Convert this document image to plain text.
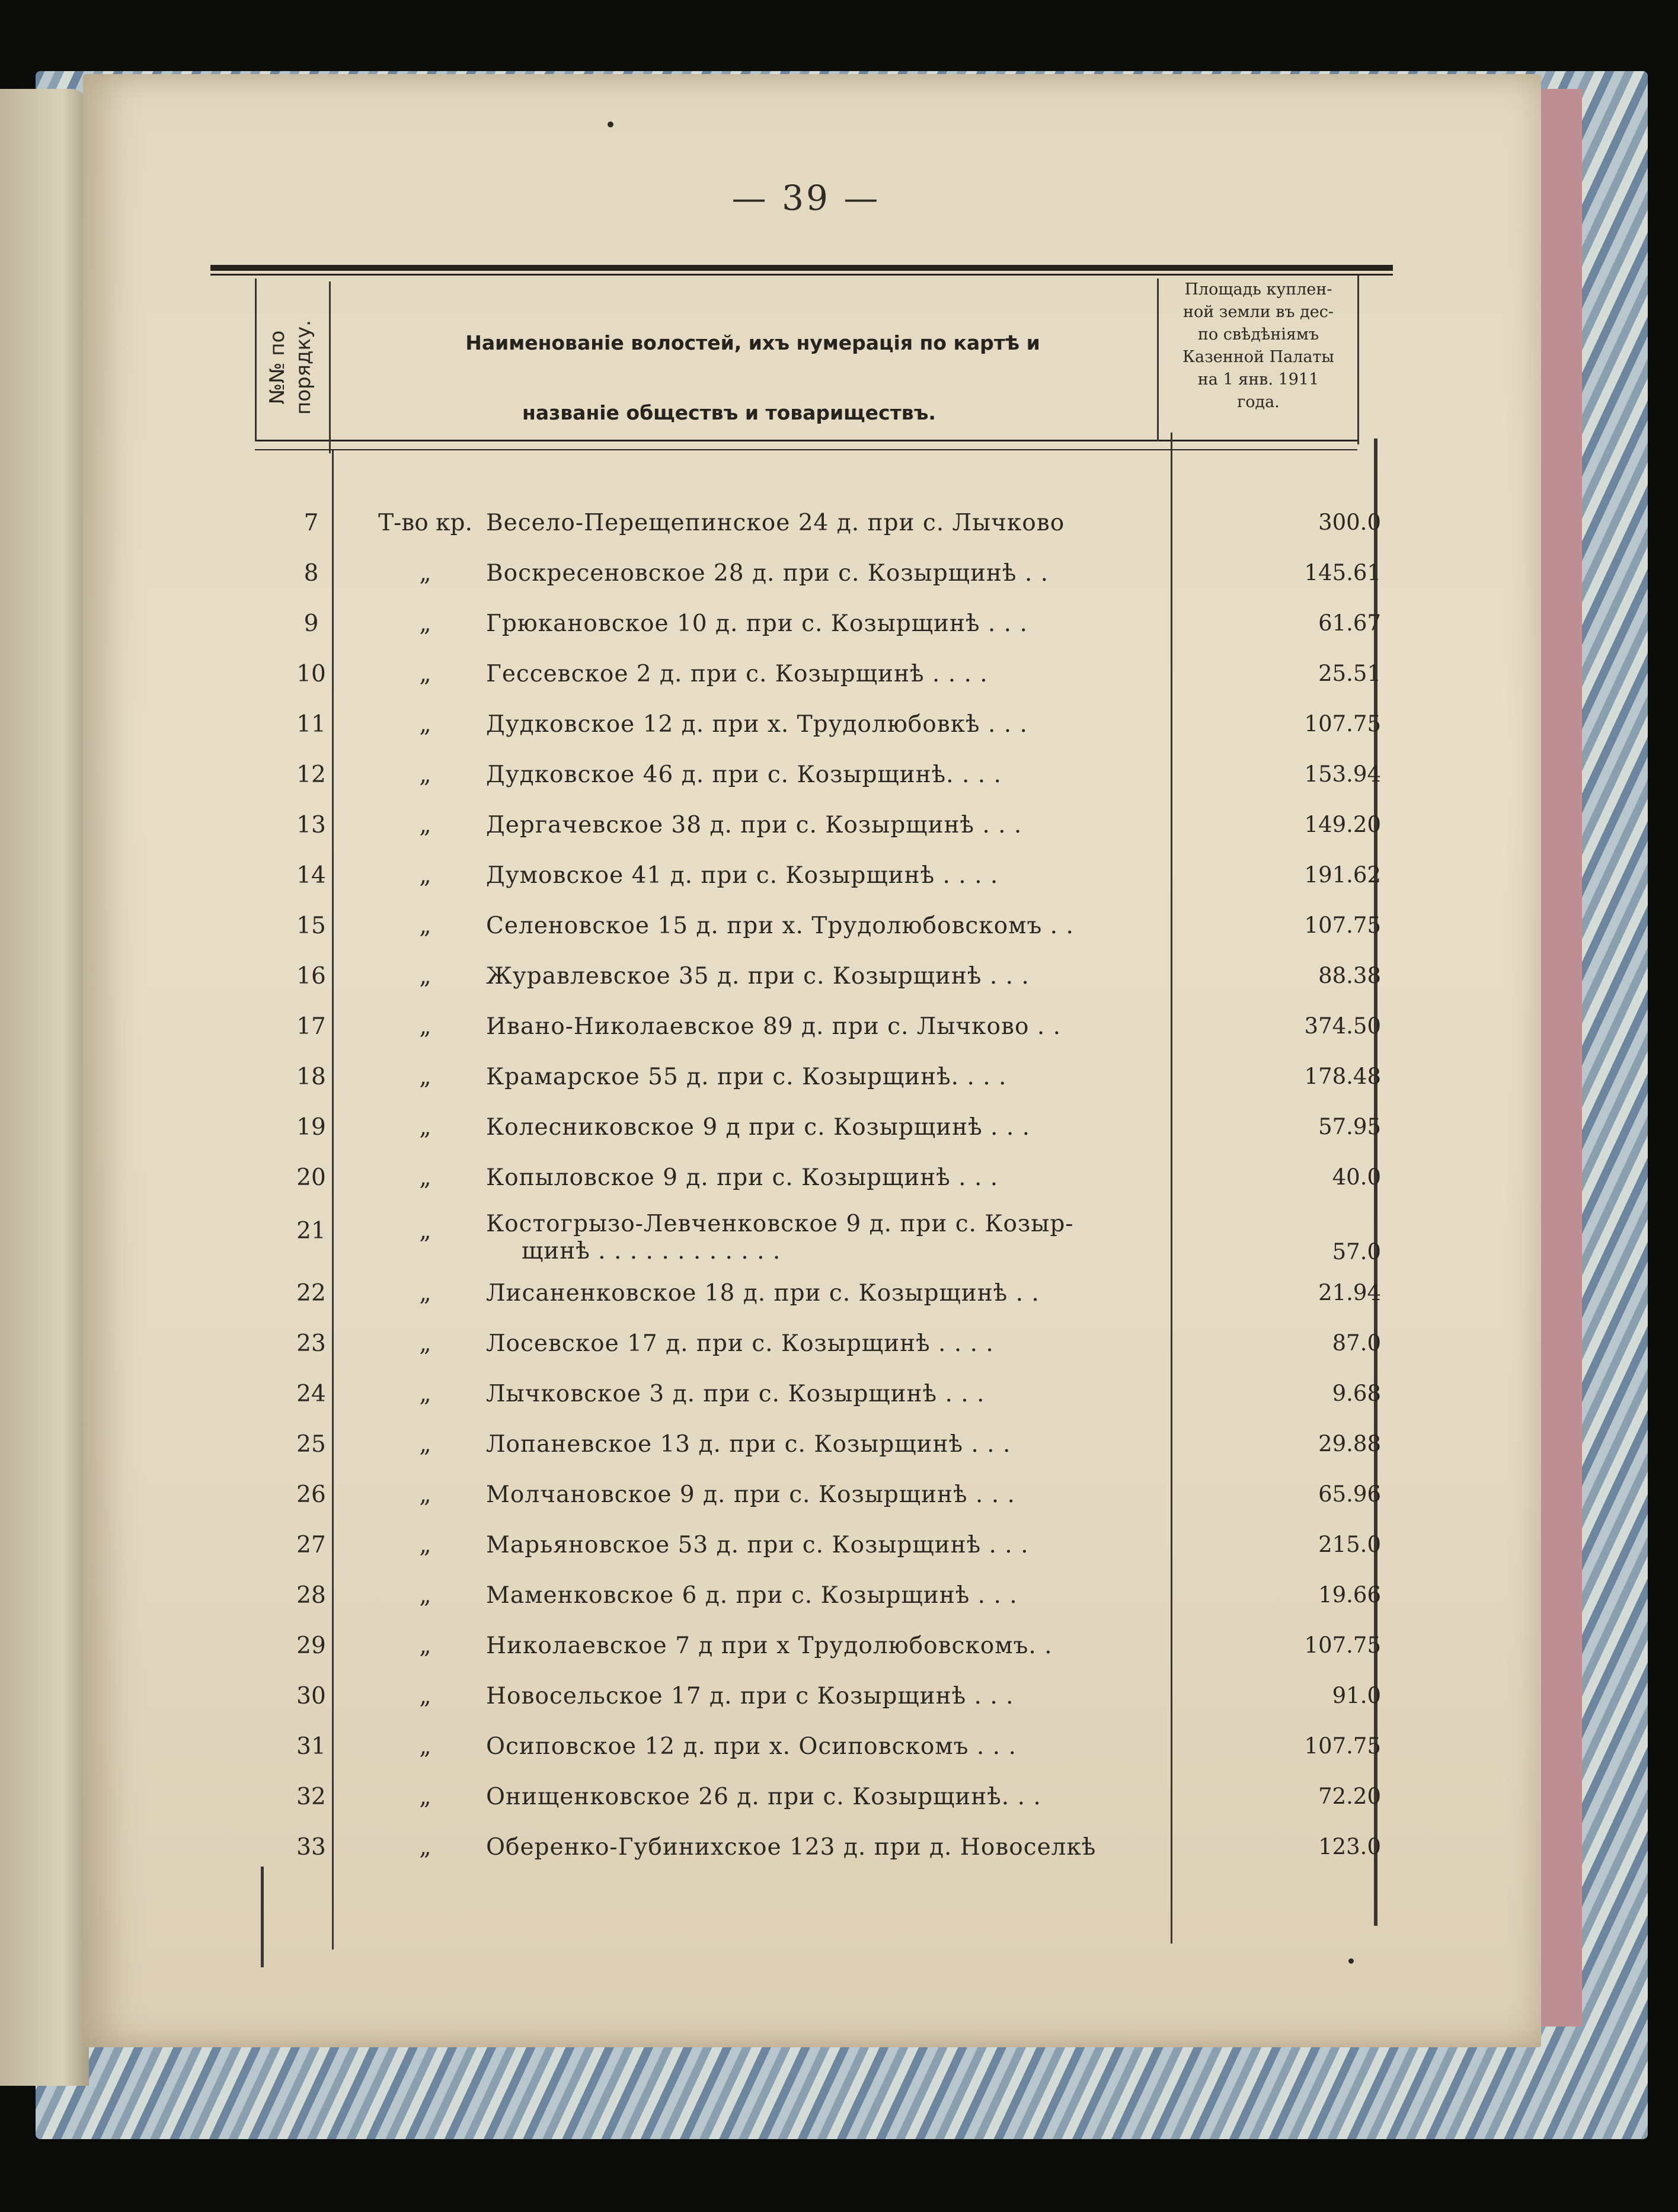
— 39 —
№№ по
порядку.	Наименованіе волостей, ихъ нумерація по картѣ и
названіе обществъ и товариществъ.
Площадь куплен-
ной земли въ дес-
по свѣдѣніямъ
Казенной Палаты
на 1 янв. 1911
года.
7	Т-во кр. Весело-Перещепинское 24 д. при с. Лычково	300.0
8	„	Воскресеновское 28 д. при с. Козырщинѣ . .	145.61
9	„	Грюкановское 10 д. при с. Козырщинѣ . . .	61.67
10	„	Гессевское 2 д. при с. Козырщинѣ . . . .	25.51
11	„	Дудковское 12 д. при х. Трудолюбовкѣ . . .	107.75
12	„	Дудковское 46 д. при с. Козырщинѣ. . . .	153.94
13	„	Дергачевское 38 д. при с. Козырщинѣ . . .	149.20
14	„	Думовское 41 д. при с. Козырщинѣ . . . .	191.62
15	„	Селеновское 15 д. при х. Трудолюбовскомъ . .	107.75
16	„	Журавлевское 35 д. при с. Козырщинѣ . . .	88.38
17	„	Ивано-Николаевское 89 д. при с. Лычково . .	374.50
18	„	Крамарское 55 д. при с. Козырщинѣ. . . .	178.48
19	„	Колесниковское 9 д при с. Козырщинѣ . . .	57.95
20	„	Копыловское 9 д. при с. Козырщинѣ . . .	40.0
21	„	Костогрызо-Левченковское 9 д. при с. Козыр-
щинѣ . . . . . . . . . . . .	57.0
22	„	Лисаненковское 18 д. при с. Козырщинѣ . .	21.94
23	„	Лосевское 17 д. при с. Козырщинѣ . . . .	87.0
24	„	Лычковское 3 д. при с. Козырщинѣ . . .	9.68
25	„	Лопаневское 13 д. при с. Козырщинѣ . . .	29.88
26	„	Молчановское 9 д. при с. Козырщинѣ . . .	65.96
27	„	Марьяновское 53 д. при с. Козырщинѣ . . .	215.0
28	„	Маменковское 6 д. при с. Козырщинѣ . . .	19.66
29	„	Николаевское 7 д при х Трудолюбовскомъ. .	107.75
30	„	Новосельское 17 д. при с Козырщинѣ . . .	91.0
31	„	Осиповское 12 д. при х. Осиповскомъ . . .	107.75
32	„	Онищенковское 26 д. при с. Козырщинѣ. . .	72.20
33	„	Оберенко-Губинихское 123 д. при д. Новоселкѣ	123.0
